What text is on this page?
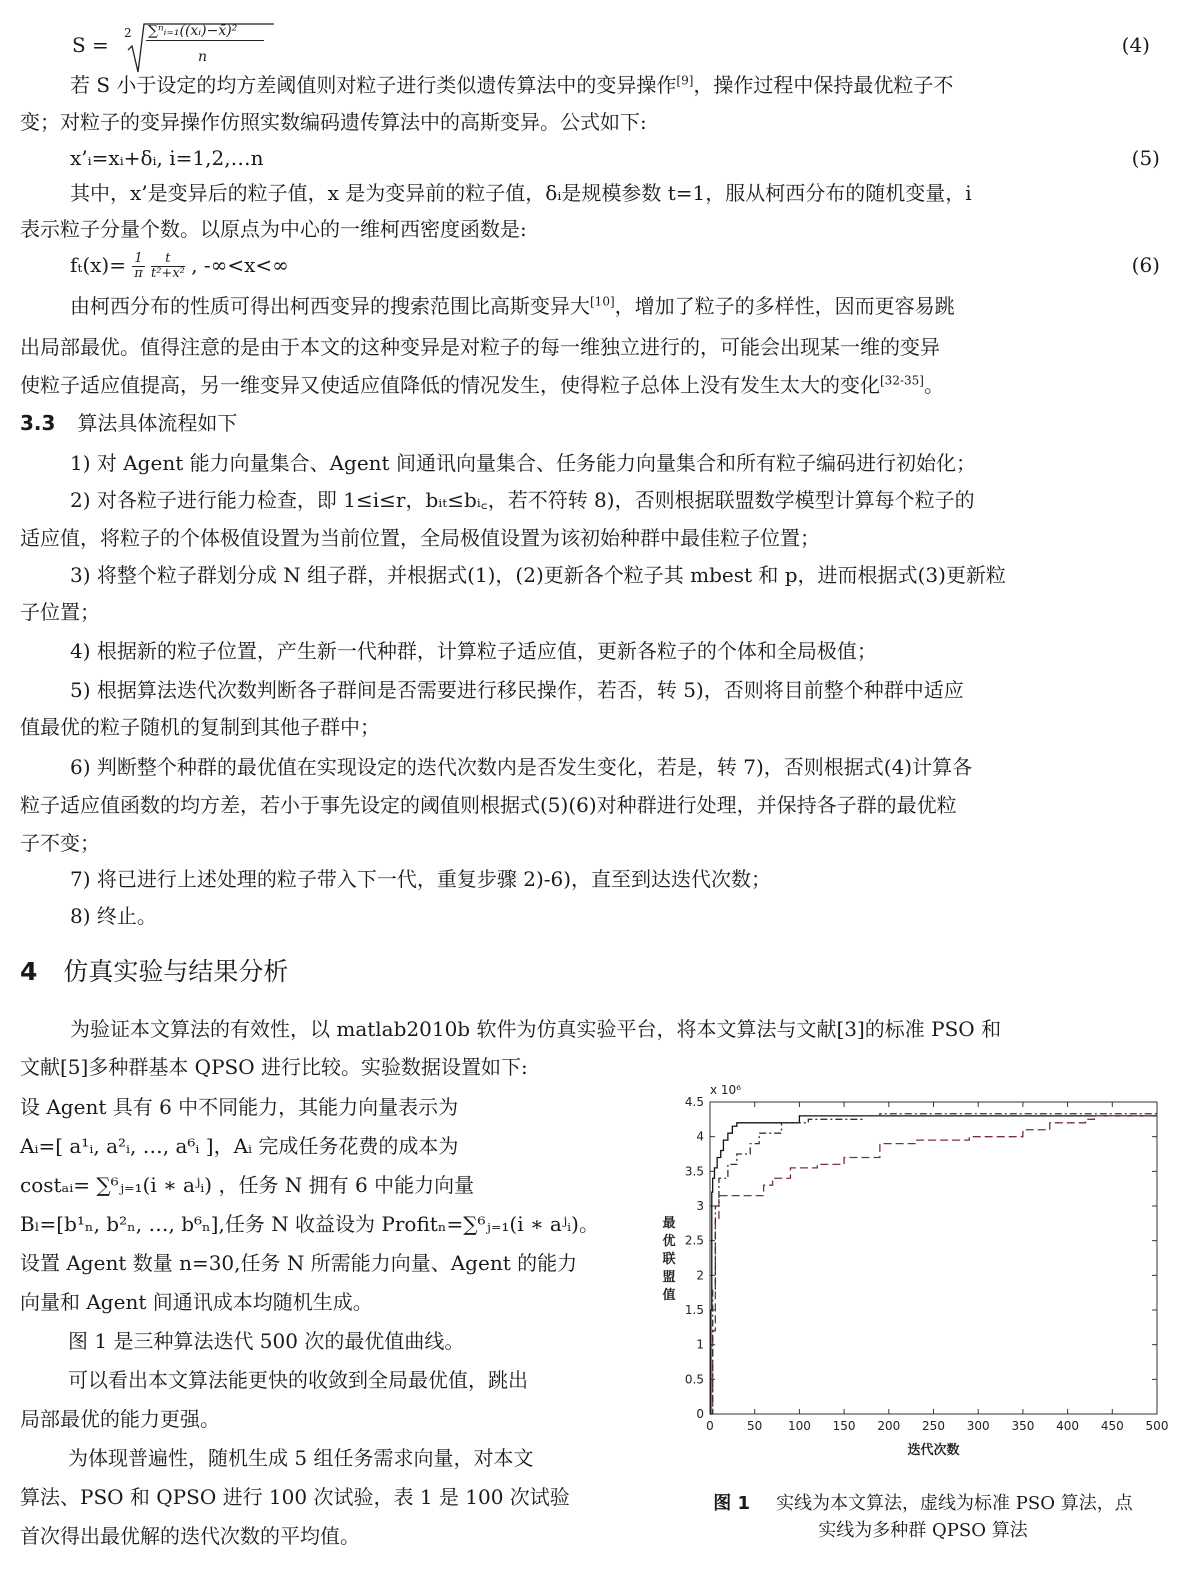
S = 2 ∑ⁿᵢ₌₁((xᵢ)−x̄)²
n	(4)
若 S 小于设定的均方差阈值则对粒子进行类似遗传算法中的变异操作[9]，操作过程中保持最优粒子不
变；对粒子的变异操作仿照实数编码遗传算法中的高斯变异。公式如下:
x’ᵢ=xᵢ+δᵢ, i=1,2,…n	(5)
其中，x’是变异后的粒子值，x 是为变异前的粒子值，δᵢ是规模参数 t=1，服从柯西分布的随机变量，i
表示粒子分量个数。以原点为中心的一维柯西密度函数是:
$f_t(x)= \frac{1}{\pi}$
$\frac{t}{\text{t²+x²}}$ , -∞<x<∞	(6)
由柯西分布的性质可得出柯西变异的搜索范围比高斯变异大[10]，增加了粒子的多样性，因而更容易跳
出局部最优。值得注意的是由于本文的这种变异是对粒子的每一维独立进行的，可能会出现某一维的变异
使粒子适应值提高，另一维变异又使适应值降低的情况发生，使得粒子总体上没有发生太大的变化[32-35]。
3.3 算法具体流程如下
1) 对 Agent 能力向量集合、Agent 间通讯向量集合、任务能力向量集合和所有粒子编码进行初始化；
2) 对各粒子进行能力检查，即 1≤i≤r，bᵢₜ≤bᵢ꜀，若不符转 8)，否则根据联盟数学模型计算每个粒子的
适应值，将粒子的个体极值设置为当前位置，全局极值设置为该初始种群中最佳粒子位置；
3) 将整个粒子群划分成 N 组子群，并根据式(1)，(2)更新各个粒子其 mbest 和 p，进而根据式(3)更新粒
子位置；
4) 根据新的粒子位置，产生新一代种群，计算粒子适应值，更新各粒子的个体和全局极值；
5) 根据算法迭代次数判断各子群间是否需要进行移民操作，若否，转 5)，否则将目前整个种群中适应
值最优的粒子随机的复制到其他子群中；
6) 判断整个种群的最优值在实现设定的迭代次数内是否发生变化，若是，转 7)，否则根据式(4)计算各
粒子适应值函数的均方差，若小于事先设定的阈值则根据式(5)(6)对种群进行处理，并保持各子群的最优粒
子不变；
7) 将已进行上述处理的粒子带入下一代，重复步骤 2)-6)，直至到达迭代次数；
8) 终止。
4 仿真实验与结果分析
为验证本文算法的有效性，以 matlab2010b 软件为仿真实验平台，将本文算法与文献[3]的标准 PSO 和
文献[5]多种群基本 QPSO 进行比较。实验数据设置如下:
设 Agent 具有 6 中不同能力，其能力向量表示为
Aᵢ=[ a¹ᵢ, a²ᵢ, …, a⁶ᵢ ]，Aᵢ 完成任务花费的成本为
costₐᵢ= ∑⁶ⱼ₌₁(i ∗ aʲᵢ) ，任务 N 拥有 6 中能力向量
Bₗ=[b¹ₙ, b²ₙ, …, b⁶ₙ],任务 N 收益设为 Profitₙ=∑⁶ⱼ₌₁(i ∗ aʲᵢ)。
设置 Agent 数量 n=30,任务 N 所需能力向量、Agent 的能力
向量和 Agent 间通讯成本均随机生成。
图 1 是三种算法迭代 500 次的最优值曲线。
可以看出本文算法能更快的收敛到全局最优值，跳出
局部最优的能力更强。
为体现普遍性，随机生成 5 组任务需求向量，对本文
算法、PSO 和 QPSO 进行 100 次试验，表 1 是 100 次试验
首次得出最优解的迭代次数的平均值。
0	50 100 150 200 250 300 350 400 450 500
0
0.5
1
1.5
2
2.5
3
3.5
4
4.5
x 10⁶
迭代次数
最
优
联
盟
值
图 1 实线为本文算法，虚线为标准 PSO 算法，点
实线为多种群 QPSO 算法
